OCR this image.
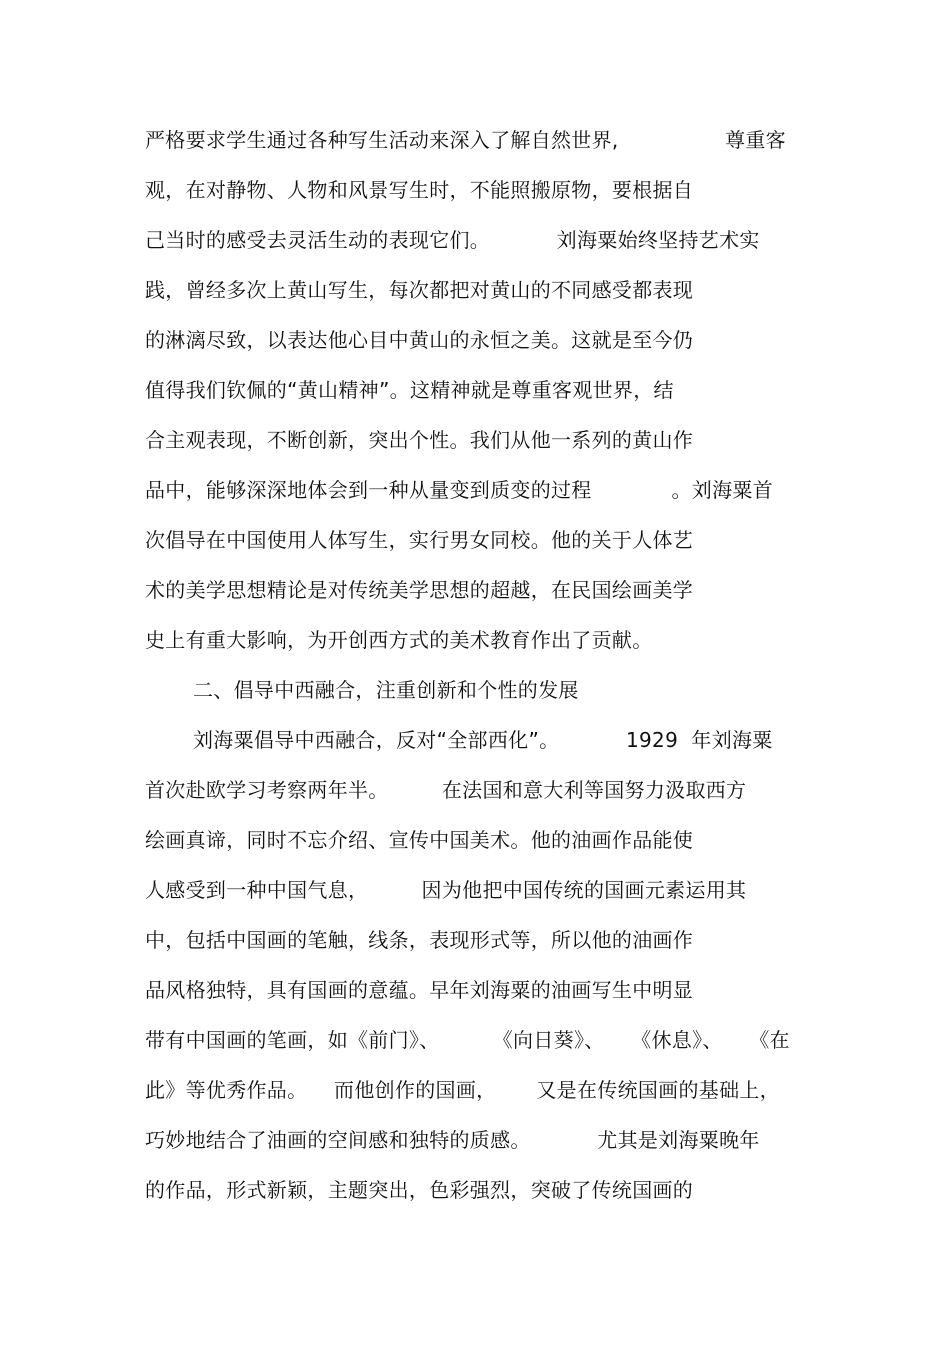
严格要求学生通过各种写生活动来深入了解自然世界,                尊重客
观，在对静物、人物和风景写生时，不能照搬原物，要根据自
己当时的感受去灵活生动的表现它们。          刘海粟始终坚持艺术实
践，曾经多次上黄山写生，每次都把对黄山的不同感受都表现
的淋漓尽致，以表达他心目中黄山的永恒之美。这就是至今仍
值得我们钦佩的“黄山精神”。这精神就是尊重客观世界，结
合主观表现，不断创新，突出个性。我们从他一系列的黄山作
品中，能够深深地体会到一种从量变到质变的过程            。刘海粟首
次倡导在中国使用人体写生，实行男女同校。他的关于人体艺
术的美学思想精论是对传统美学思想的超越，在民国绘画美学
史上有重大影响，为开创西方式的美术教育作出了贡献。
二、倡导中西融合，注重创新和个性的发展
刘海粟倡导中西融合，反对“全部西化”。          1929  年刘海粟
首次赴欧学习考察两年半。        在法国和意大利等国努力汲取西方
绘画真谛，同时不忘介绍、宣传中国美术。他的油画作品能使
人感受到一种中国气息，        因为他把中国传统的国画元素运用其
中，包括中国画的笔触，线条，表现形式等，所以他的油画作
品风格独特，具有国画的意蕴。早年刘海粟的油画写生中明显
带有中国画的笔画，如《前门》、        《向日葵》、    《休息》、    《在
此》等优秀作品。    而他创作的国画，      又是在传统国画的基础上，
巧妙地结合了油画的空间感和独特的质感。          尤其是刘海粟晚年
的作品，形式新颖，主题突出，色彩强烈，突破了传统国画的
